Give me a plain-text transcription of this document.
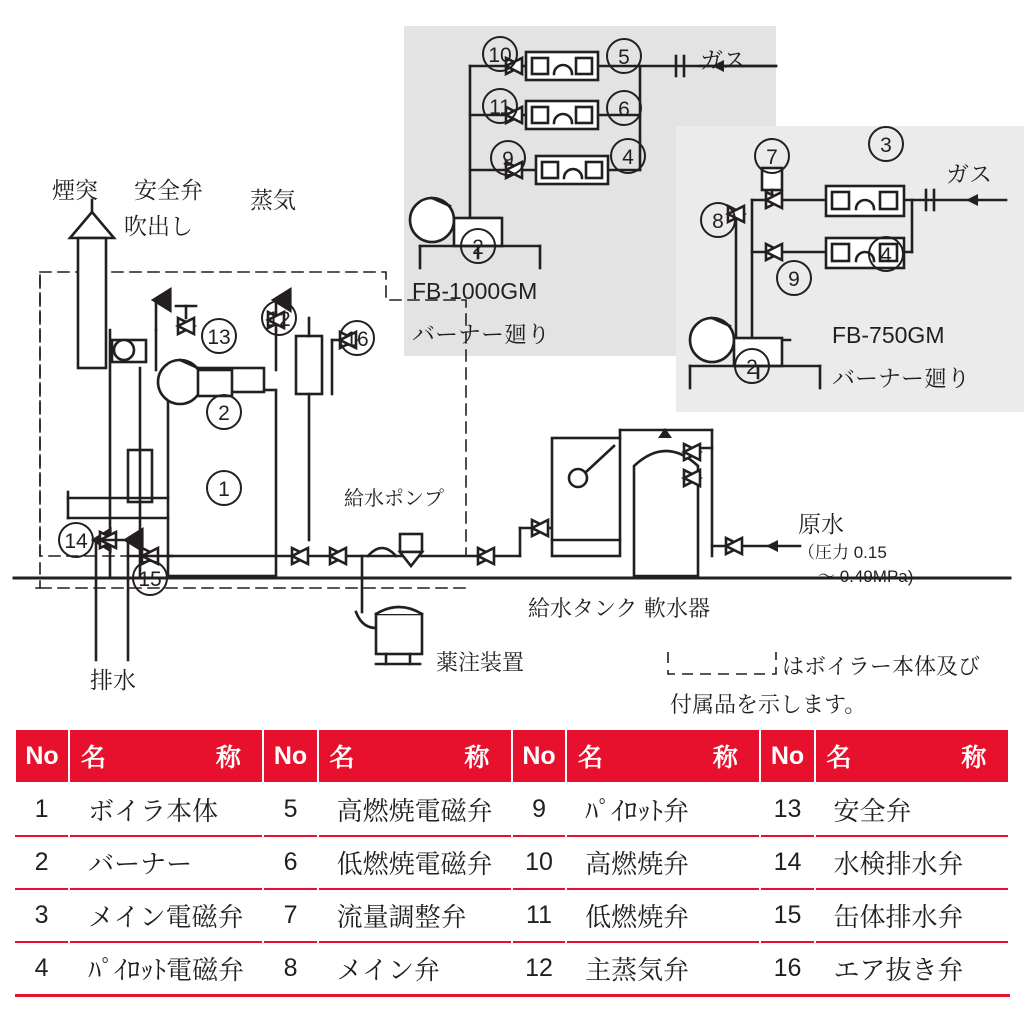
1
2
13
12
16
14
15
2
10
11
9
5
6
4
2
7
8
9
3
4
煙突 安全弁
吹出し
蒸気
給水ポンプ
原水
（圧力 0.15
〜 0.49MPa)
給水タンク 軟水器
薬注装置
排水
ガス
ガス
FB-1000GM
バーナー廻り	FB-750GM
バーナー廻り
はボイラー本体及び
付属品を示します。
No	名　　　称	No	名　　　称	No	名　　　称	No	名　　　称
1	ボイラ本体	5	高燃焼電磁弁	9	ﾊﾟｲﾛｯﾄ弁	13	安全弁
2	バーナー	6	低燃焼電磁弁	10	高燃焼弁	14	水検排水弁
3	メイン電磁弁	7	流量調整弁	11	低燃焼弁	15	缶体排水弁
4	ﾊﾟｲﾛｯﾄ電磁弁	8	メイン弁	12	主蒸気弁	16	エア抜き弁
